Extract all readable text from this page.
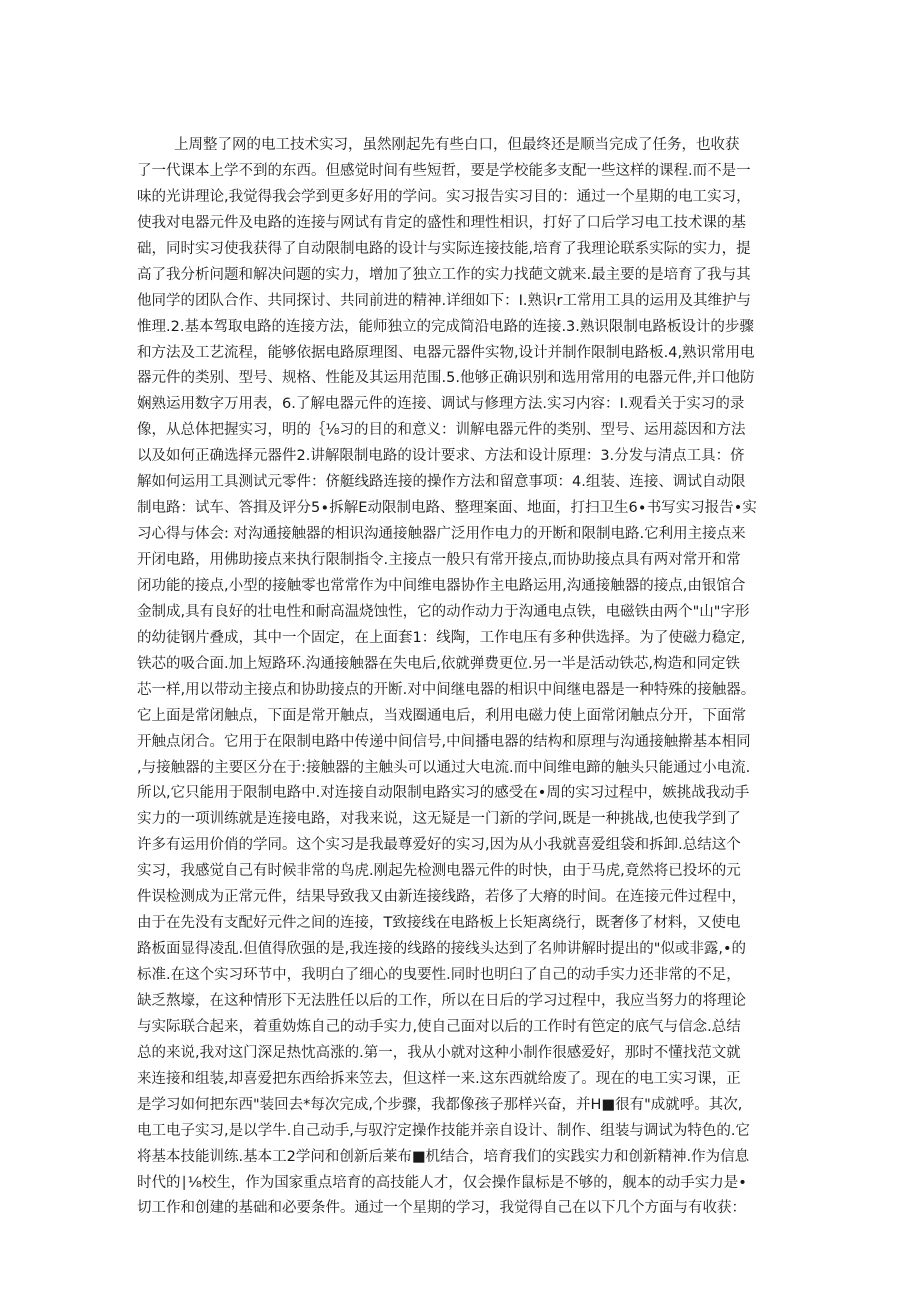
上周整了网的电工技术实习，虽然刚起先有些白口，但最终还是顺当完成了任务，也收获
了一代课本上学不到的东西。但感觉时间有些短哲，要是学校能多支配一些这样的课程.而不是一
味的光讲理论,我觉得我会学到更多好用的学问。实习报告实习目的：通过一个星期的电工实习，
使我对电器元件及电路的连接与网试有肯定的盛性和理性相识，打好了口后学习电工技术课的基
础，同时实习使我获得了自动限制电路的设计与实际连接技能,培育了我理论联系实际的实力，提
高了我分析问题和解决问题的实力，增加了独立工作的实力找葩文就来.最主要的是培育了我与其
他同学的团队合作、共同探讨、共同前进的精神.详细如下：I.熟识r工常用工具的运用及其维护与
惟理.2.基本驾取电路的连接方法，能师独立的完成简沿电路的连接.3.熟识限制电路板设计的步骤
和方法及工艺流程，能够依据电路原理图、电器元器件实物,设计并制作限制电路板.4,熟识常用电
器元件的类别、型号、规格、性能及其运用范围.5.他够正确识别和选用常用的电器元件,并口他防
娴熟运用数字万用表，6.了解电器元件的连接、调试与修理方法.实习内容：I.观看关于实习的录
像，从总体把握实习，明的｛⅛习的目的和意义：训解电器元件的类别、型号、运用蕊因和方法
以及如何正确选择元器件2.讲解限制电路的设计要求、方法和设计原理：3.分发与清点工具：侪
解如何运用工具测试元零件：侪艇线路连接的操作方法和留意事项：4.组装、连接、调试自动限
制电路：试车、答揖及评分5∙拆解E动限制电路、整理案面、地面，打扫卫生6∙书写实习报告•实
习心得与体会: 对沟通接触器的相识沟通接触器广泛用作电力的开断和限制电路.它利用主接点来
开闭电路，用佛助接点来执行限制指令.主接点一般只有常开接点,而协助接点具有两对常开和常
闭功能的接点,小型的接触零也常常作为中间维电器协作主电路运用,沟通接触器的接点,由银馆合
金制成,具有良好的壮电性和耐高温烧蚀性，它的动作动力于沟通电点铁，电磁铁由两个"山"字形
的幼徒钢片叠成，其中一个固定，在上面套1：线陶，工作电压有多种供选择。为了使磁力稳定,
铁芯的吸合面.加上短路环.沟通接触器在失电后,依就弹费更位.另一半是活动铁芯,构造和同定铁
芯一样,用以带动主接点和协助接点的开断.对中间继电器的相识中间继电器是一种特殊的接触器。
它上面是常闭触点，下面是常开触点，当戏圈通电后，利用电磁力使上面常闭触点分开，下面常
开触点闭合。它用于在限制电路中传递中间信号,中间播电器的结构和原理与沟通接触擀基本相同
,与接触器的主要区分在于:接触器的主触头可以通过大电流.而中间维电蹄的触头只能通过小电流.
所以,它只能用于限制电路中.对连接自动限制电路实习的感受在•周的实习过程中，嫉挑战我动手
实力的一项训练就是连接电路，对我来说，这无疑是一门新的学问,既是一种挑战,也使我学到了
许多有运用价俏的学同。这个实习是我最尊爱好的实习,因为从小我就喜爱组袋和拆卸.总结这个
实习，我感觉自己有时候非常的鸟虎.刚起先检测电器元件的时快，由于马虎,竟然将已投坏的元
件误检测成为正常元件，结果导致我又由新连接线路，若侈了大瘠的时间。在连接元件过程中，
由于在先没有支配好元件之间的连接，T致接线在电路板上长矩离绕行，既奢侈了材料，又使电
路板面显得凌乱.但值得欣强的是,我连接的线路的接线头达到了名帅讲解时提出的"似或非露,•的
标准.在这个实习环节中，我明白了细心的曳要性.同时也明臼了自己的动手实力还非常的不足，
缺乏熬壕，在这种情形下无法胜任以后的工作，所以在日后的学习过程中，我应当努力的将理论
与实际联合起来，着重妫炼自己的动手实力,使自己面对以后的工作时有笆定的底气与信念.总结
总的来说,我对这门深足热忱高涨的.第一，我从小就对这种小制作很感爱好，那时不懂找范文就
来连接和组装,却喜爱把东西给拆来笠去，但这样一来.这东西就给废了。现在的电工实习课，正
是学习如何把东西"装回去*每次完成,个步骤，我都像孩子那样兴奋，并H■很有"成就呼。其次,
电工电子实习,是以学牛.自己动手,与驭泞定操作技能并亲自设计、制作、组装与调试为特色的.它
将基本技能训练.基本工2学问和创新后莱布■机结合，培育我们的实践实力和创新精神.作为信息
时代的∣⅛校生，作为国家重点培育的高技能人才，仅会操作鼠标是不够的，舰本的动手实力是•
切工作和创建的基础和必要条件。通过一个星期的学习，我觉得自己在以下几个方面与有收获：
